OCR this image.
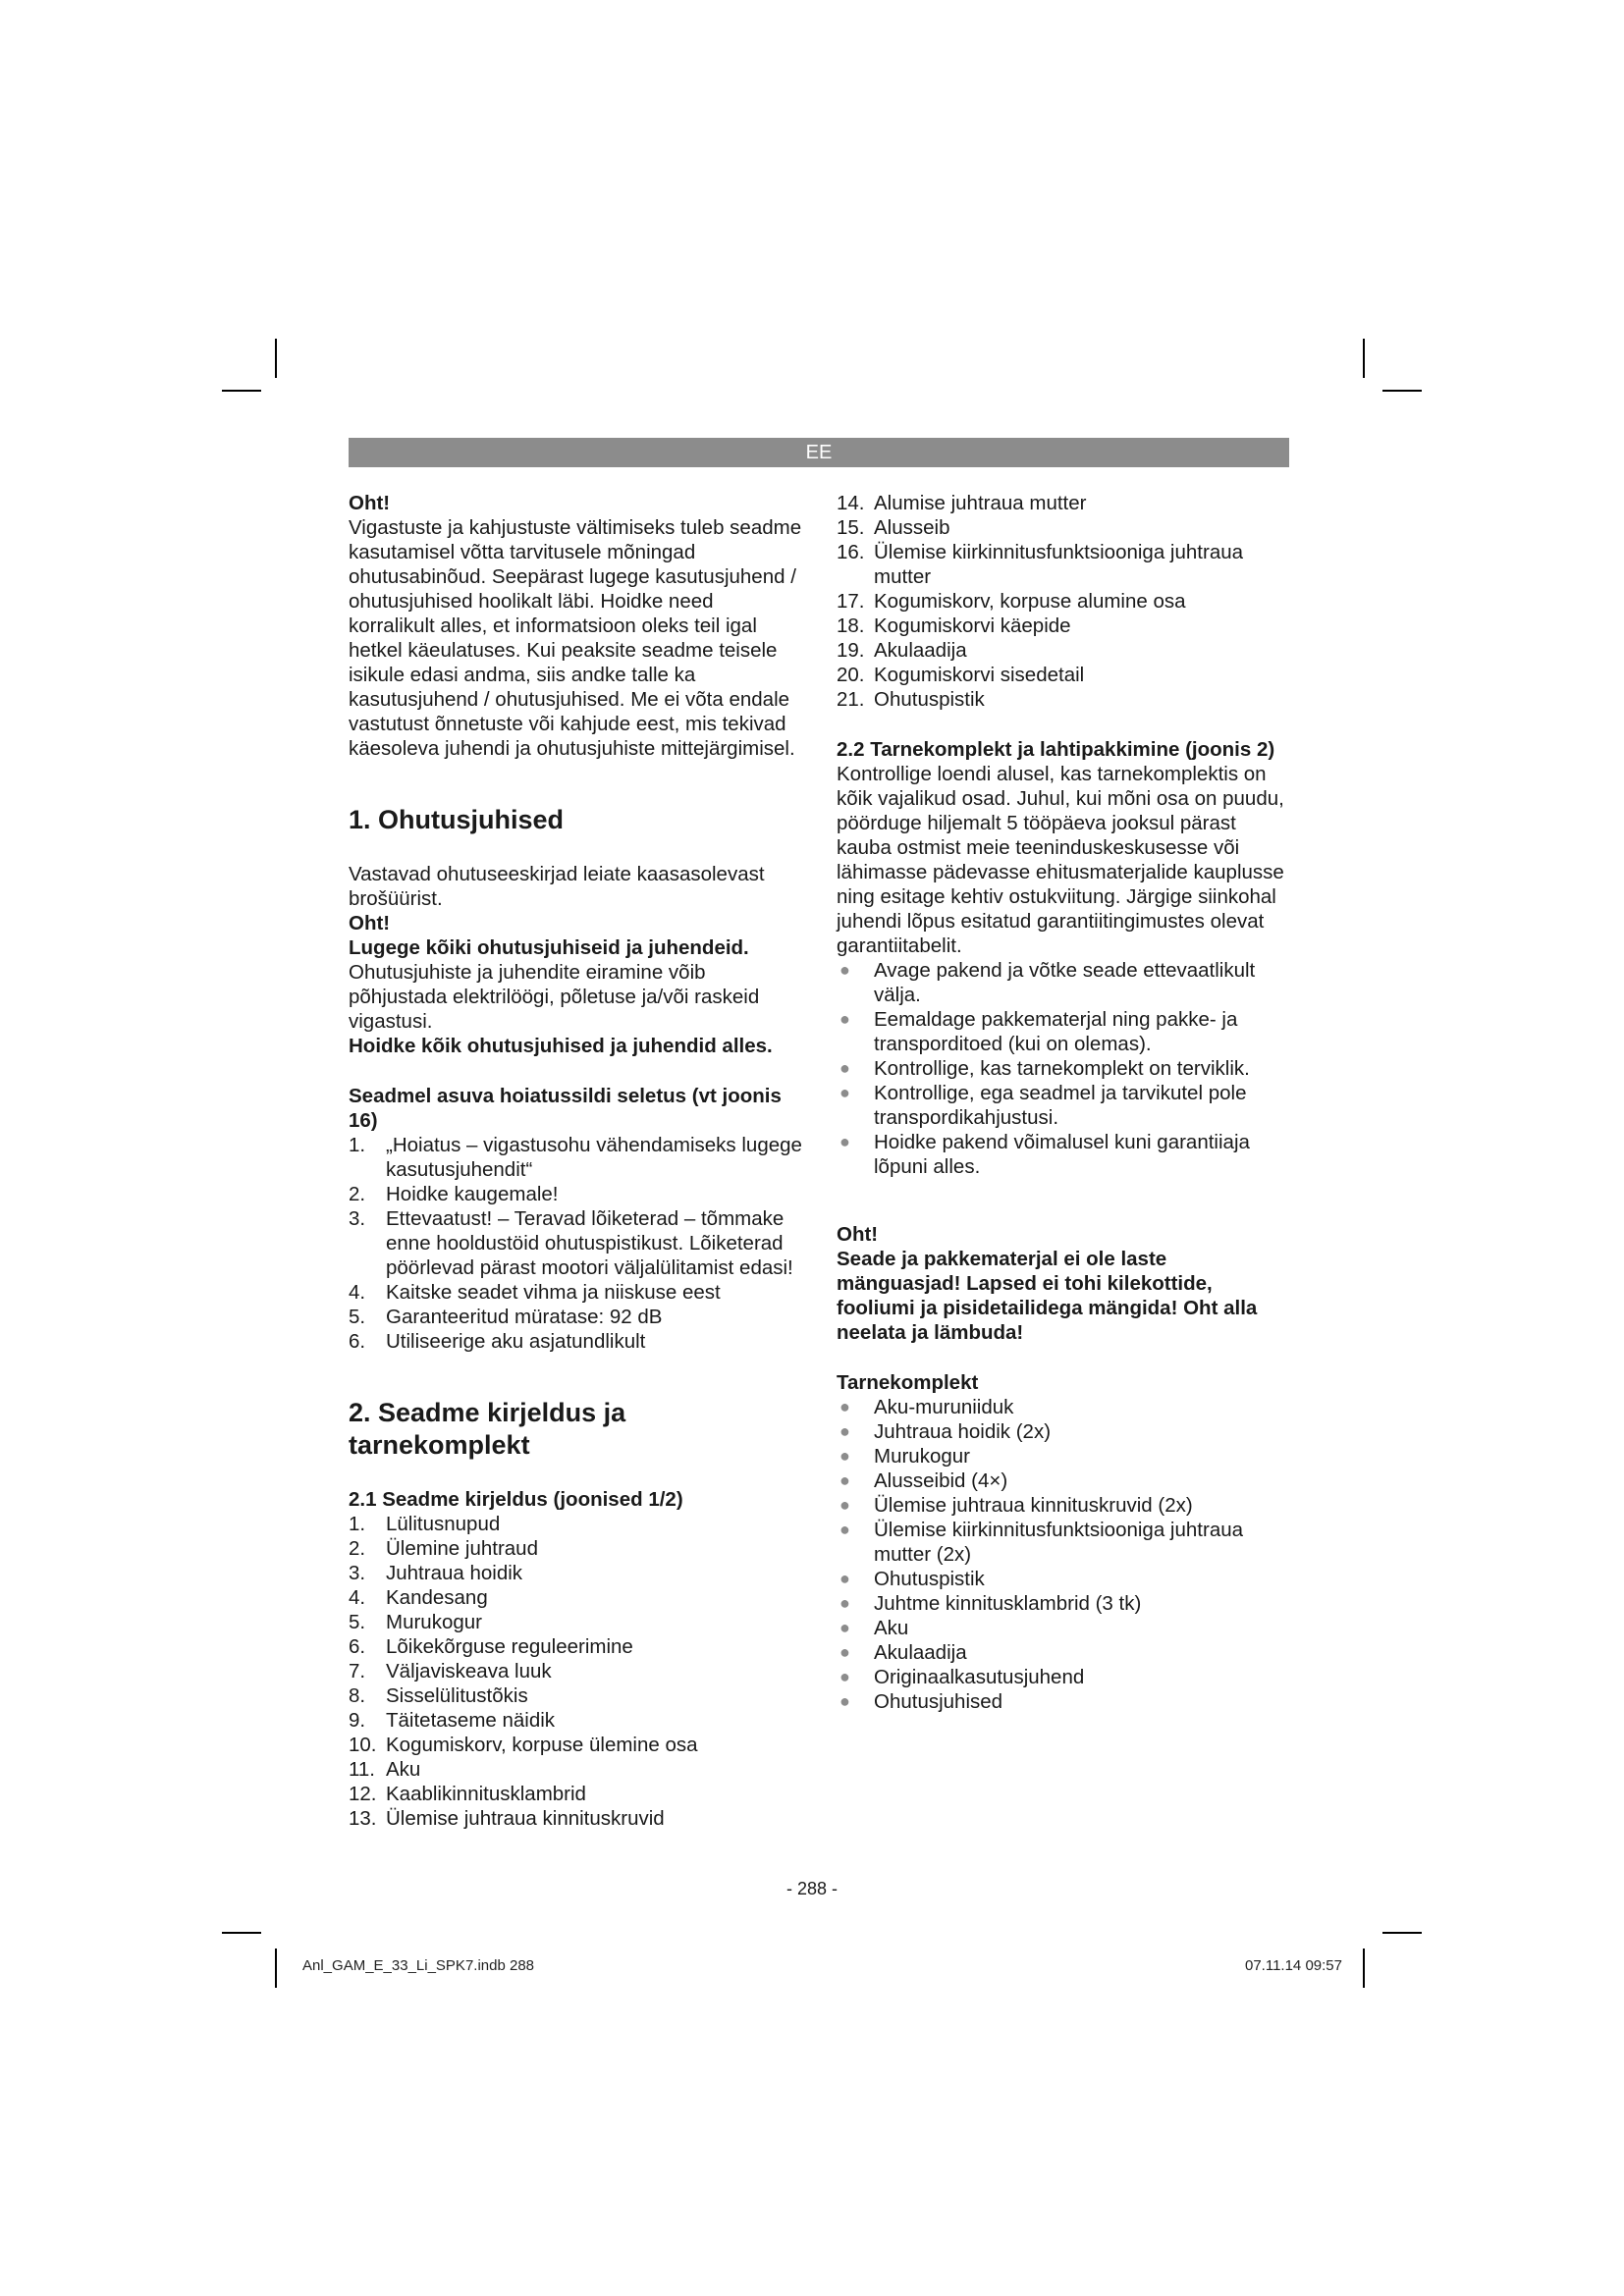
EE

Oht!

Vigastuste ja kahjustuste vältimiseks tuleb seadme kasutamisel võtta tarvitusele mõningad ohutusabinõud. Seepärast lugege kasutusjuhend / ohutusjuhised hoolikalt läbi. Hoidke need korralikult alles, et informatsioon oleks teil igal hetkel käeulatuses. Kui peaksite seadme teisele isikule edasi andma, siis andke talle ka kasutusjuhend / ohutusjuhised. Me ei võta endale vastutust õnnetuste või kahjude eest, mis tekivad käesoleva juhendi ja ohutusjuhiste mittejärgimisel.

1. Ohutusjuhised

Vastavad ohutuseeskirjad leiate kaasasolevast brošüürist.

Oht!

Lugege kõiki ohutusjuhiseid ja juhendeid.

Ohutusjuhiste ja juhendite eiramine võib põhjustada elektrilöögi, põletuse ja/või raskeid vigastusi.

Hoidke kõik ohutusjuhised ja juhendid alles.

Seadmel asuva hoiatussildi seletus (vt joonis 16)

1. „Hoiatus – vigastusohu vähendamiseks lugege kasutusjuhendit“
2. Hoidke kaugemale!
3. Ettevaatust! – Teravad lõiketerad – tõmmake enne hooldustöid ohutuspistikust. Lõiketerad pöörlevad pärast mootori väljalülitamist edasi!
4. Kaitske seadet vihma ja niiskuse eest
5. Garanteeritud müratase: 92 dB
6. Utiliseerige aku asjatundlikult

2. Seadme kirjeldus ja tarnekomplekt

2.1 Seadme kirjeldus (joonised 1/2)

1. Lülitusnupud
2. Ülemine juhtraud
3. Juhtraua hoidik
4. Kandesang
5. Murukogur
6. Lõikekõrguse reguleerimine
7. Väljaviskeava luuk
8. Sisselülitustõkis
9. Täitetaseme näidik
10. Kogumiskorv, korpuse ülemine osa
11. Aku
12. Kaablikinnitusklambrid
13. Ülemise juhtraua kinnituskruvid
14. Alumise juhtraua mutter
15. Alusseib
16. Ülemise kiirkinnitusfunktsiooniga juhtraua mutter
17. Kogumiskorv, korpuse alumine osa
18. Kogumiskorvi käepide
19. Akulaadija
20. Kogumiskorvi sisedetail
21. Ohutuspistik

2.2 Tarnekomplekt ja lahtipakkimine (joonis 2)

Kontrollige loendi alusel, kas tarnekomplektis on kõik vajalikud osad. Juhul, kui mõni osa on puudu, pöörduge hiljemalt 5 tööpäeva jooksul pärast kauba ostmist meie teeninduskeskusesse või lähimasse pädevasse ehitusmaterjalide kauplusse ning esitage kehtiv ostukviitung. Järgige siinkohal juhendi lõpus esitatud garantiitingimustes olevat garantiitabelit.

● Avage pakend ja võtke seade ettevaatlikult välja.
● Eemaldage pakkematerjal ning pakke- ja transporditoed (kui on olemas).
● Kontrollige, kas tarnekomplekt on terviklik.
● Kontrollige, ega seadmel ja tarvikutel pole transpordikahjustusi.
● Hoidke pakend võimalusel kuni garantiiaja lõpuni alles.

Oht!

Seade ja pakkematerjal ei ole laste mänguasjad! Lapsed ei tohi kilekottide, fooliumi ja pisidetailidega mängida! Oht alla neelata ja lämbuda!

Tarnekomplekt

● Aku-muruniiduk
● Juhtraua hoidik (2x)
● Murukogur
● Alusseibid (4×)
● Ülemise juhtraua kinnituskruvid (2x)
● Ülemise kiirkinnitusfunktsiooniga juhtraua mutter (2x)
● Ohutuspistik
● Juhtme kinnitusklambrid (3 tk)
● Aku
● Akulaadija
● Originaalkasutusjuhend
● Ohutusjuhised
- 288 -
Anl_GAM_E_33_Li_SPK7.indb 288	07.11.14 09:57
